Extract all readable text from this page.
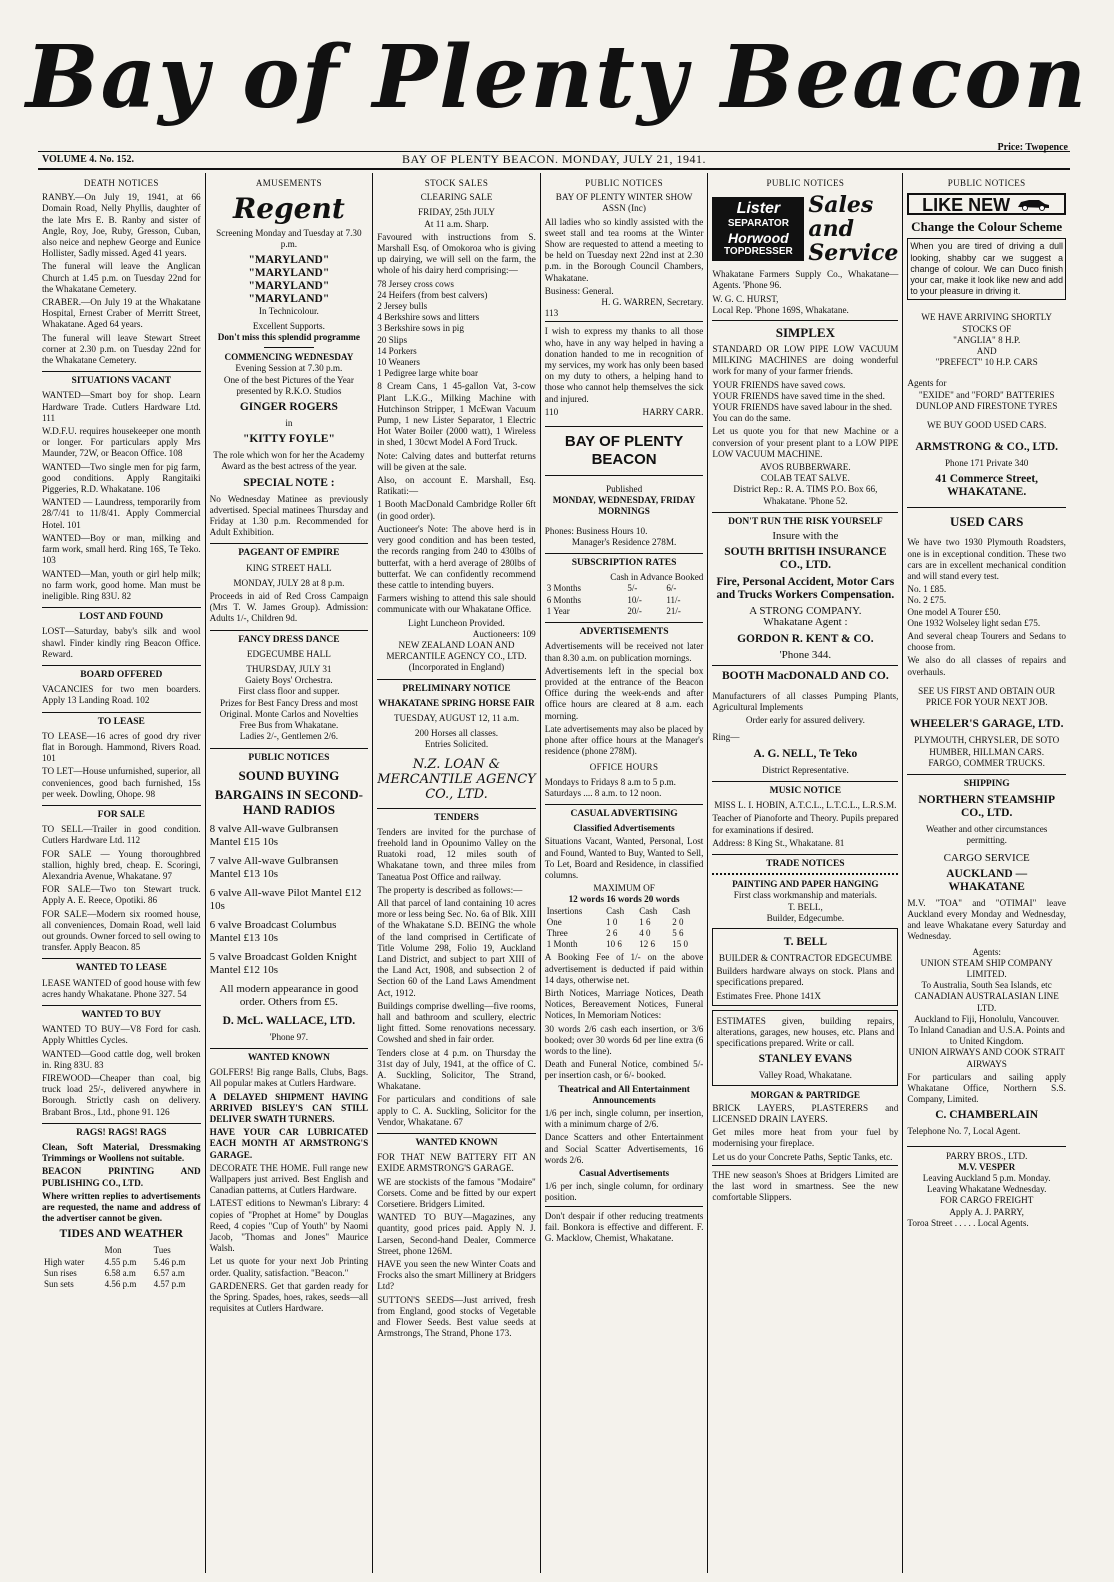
Bay of Plenty Beacon
Price: Twopence
VOLUME 4. No. 152.	BAY OF PLENTY BEACON. MONDAY, JULY 21, 1941.
DEATH NOTICES

RANBY.—On July 19, 1941, at 66 Domain Road, Nelly Phyllis, daughter of the late Mrs E. B. Ranby and sister of Angle, Roy, Joe, Ruby, Gresson, Cuban, also neice and nephew George and Eunice Hollister, Sadly missed. Aged 41 years.

The funeral will leave the Anglican Church at 1.45 p.m. on Tuesday 22nd for the Whakatane Cemetery.

CRABER.—On July 19 at the Whakatane Hospital, Ernest Craber of Merritt Street, Whakatane. Aged 64 years.

The funeral will leave Stewart Street corner at 2.30 p.m. on Tuesday 22nd for the Whakatane Cemetery.

SITUATIONS VACANT

WANTED—Smart boy for shop. Learn Hardware Trade. Cutlers Hardware Ltd. 111

W.D.F.U. requires housekeeper one month or longer. For particulars apply Mrs Maunder, 72W, or Beacon Office. 108

WANTED—Two single men for pig farm, good conditions. Apply Rangitaiki Piggeries, R.D. Whakatane. 106

WANTED — Laundress, temporarily from 28/7/41 to 11/8/41. Apply Commercial Hotel. 101

WANTED—Boy or man, milking and farm work, small herd. Ring 16S, Te Teko. 103

WANTED—Man, youth or girl help milk; no farm work, good home. Man must be ineligible. Ring 83U. 82

LOST AND FOUND

LOST—Saturday, baby's silk and wool shawl. Finder kindly ring Beacon Office. Reward.

BOARD OFFERED

VACANCIES for two men boarders. Apply 13 Landing Road. 102

TO LEASE

TO LEASE—16 acres of good dry river flat in Borough. Hammond, Rivers Road. 101

TO LET—House unfurnished, superior, all conveniences, good bach furnished, 15s per week. Dowling, Ohope. 98

FOR SALE

TO SELL—Trailer in good condition. Cutlers Hardware Ltd. 112

FOR SALE — Young thoroughbred stallion, highly bred, cheap. E. Scoringi, Alexandria Avenue, Whakatane. 97

FOR SALE—Two ton Stewart truck. Apply A. E. Reece, Opotiki. 86

FOR SALE—Modern six roomed house, all conveniences, Domain Road, well laid out grounds. Owner forced to sell owing to transfer. Apply Beacon. 85

WANTED TO LEASE

LEASE WANTED of good house with few acres handy Whakatane. Phone 327. 54

WANTED TO BUY

WANTED TO BUY—V8 Ford for cash. Apply Whittles Cycles.

WANTED—Good cattle dog, well broken in. Ring 83U. 83

FIREWOOD—Cheaper than coal, big truck load 25/-, delivered anywhere in Borough. Strictly cash on delivery. Brabant Bros., Ltd., phone 91. 126

RAGS! RAGS! RAGS

Clean, Soft Material, Dressmaking Trimmings or Woollens not suitable.

BEACON PRINTING AND PUBLISHING CO., LTD.

Where written replies to advertisements are requested, the name and address of the advertiser cannot be given.

TIDES AND WEATHER
	Mon	Tues
High water	4.55 p.m	5.46 p.m
Sun rises	6.58 a.m	6.57 a.m
Sun sets	4.56 p.m	4.57 p.m
AMUSEMENTS
Regent
Screening Monday and Tuesday at 7.30 p.m.
"MARYLAND"
"MARYLAND"
"MARYLAND"
"MARYLAND"
In Technicolour.
Excellent Supports.
Don't miss this splendid programme
COMMENCING WEDNESDAY
Evening Session at 7.30 p.m.
One of the best Pictures of the Year presented by R.K.O. Studios
GINGER ROGERS
in
"KITTY FOYLE"
The role which won for her the Academy Award as the best actress of the year.
SPECIAL NOTE :

No Wednesday Matinee as previously advertised. Special matinees Thursday and Friday at 1.30 p.m. Recommended for Adult Exhibition.

PAGEANT OF EMPIRE
KING STREET HALL
MONDAY, JULY 28 at 8 p.m.

Proceeds in aid of Red Cross Campaign (Mrs T. W. James Group). Admission: Adults 1/-, Children 9d.

FANCY DRESS DANCE
EDGECUMBE HALL
THURSDAY, JULY 31
Gaiety Boys' Orchestra.
First class floor and supper.
Prizes for Best Fancy Dress and most Original. Monte Carlos and Novelties
Free Bus from Whakatane.
Ladies 2/-, Gentlemen 2/6.
PUBLIC NOTICES
SOUND BUYING
BARGAINS IN SECOND-HAND RADIOS
8 valve All-wave Gulbransen Mantel £15 10s
7 valve All-wave Gulbransen Mantel £13 10s
6 valve All-wave Pilot Mantel £12 10s
6 valve Broadcast Columbus Mantel £13 10s
5 valve Broadcast Golden Knight Mantel £12 10s
All modern appearance in good order. Others from £5.
D. McL. WALLACE, LTD.
'Phone 97.
WANTED KNOWN

GOLFERS! Big range Balls, Clubs, Bags. All popular makes at Cutlers Hardware.

A DELAYED SHIPMENT HAVING ARRIVED BISLEY'S CAN STILL DELIVER SWATH TURNERS.

HAVE YOUR CAR LUBRICATED EACH MONTH AT ARMSTRONG'S GARAGE.

DECORATE THE HOME. Full range new Wallpapers just arrived. Best English and Canadian patterns, at Cutlers Hardware.

LATEST editions to Newman's Library: 4 copies of "Prophet at Home" by Douglas Reed, 4 copies "Cup of Youth" by Naomi Jacob, "Thomas and Jones" Maurice Walsh.

Let us quote for your next Job Printing order. Quality, satisfaction. "Beacon."

GARDENERS. Get that garden ready for the Spring. Spades, hoes, rakes, seeds—all requisites at Cutlers Hardware.

STOCK SALES
CLEARING SALE
FRIDAY, 25th JULY
At 11 a.m. Sharp.

Favoured with instructions from S. Marshall Esq. of Omokoroa who is giving up dairying, we will sell on the farm, the whole of his dairy herd comprising:—

78 Jersey cross cows
24 Heifers (from best calvers)
2 Jersey bulls
4 Berkshire sows and litters
3 Berkshire sows in pig
20 Slips
14 Porkers
10 Weaners
1 Pedigree large white boar

8 Cream Cans, 1 45-gallon Vat, 3-cow Plant L.K.G., Milking Machine with Hutchinson Stripper, 1 McEwan Vacuum Pump, 1 new Lister Separator, 1 Electric Hot Water Boiler (2000 watt), 1 Wireless in shed, 1 30cwt Model A Ford Truck.

Note: Calving dates and butterfat returns will be given at the sale.

Also, on account E. Marshall, Esq. Ratikati:—

1 Booth MacDonald Cambridge Roller 6ft (in good order).

Auctioneer's Note: The above herd is in very good condition and has been tested, the records ranging from 240 to 430lbs of butterfat, with a herd average of 280lbs of butterfat. We can confidently recommend these cattle to intending buyers.

Farmers wishing to attend this sale should communicate with our Whakatane Office.

Light Luncheon Provided.
Auctioneers: 109
NEW ZEALAND LOAN AND MERCANTILE AGENCY CO., LTD. (Incorporated in England)
PRELIMINARY NOTICE
WHAKATANE SPRING HORSE FAIR
TUESDAY, AUGUST 12, 11 a.m.
200 Horses all classes.
Entries Solicited.
N.Z. LOAN & MERCANTILE AGENCY CO., LTD.
TENDERS

Tenders are invited for the purchase of freehold land in Opounimo Valley on the Ruatoki road, 12 miles south of Whakatane town, and three miles from Taneatua Post Office and railway.

The property is described as follows:—

All that parcel of land containing 10 acres more or less being Sec. No. 6a of Blk. XIII of the Whakatane S.D. BEING the whole of the land comprised in Certificate of Title Volume 298, Folio 19, Auckland Land District, and subject to part XIII of the Land Act, 1908, and subsection 2 of Section 60 of the Land Laws Amendment Act, 1912.

Buildings comprise dwelling—five rooms, hall and bathroom and scullery, electric light fitted. Some renovations necessary. Cowshed and shed in fair order.

Tenders close at 4 p.m. on Thursday the 31st day of July, 1941, at the office of C. A. Suckling, Solicitor, The Strand, Whakatane.

For particulars and conditions of sale apply to C. A. Suckling, Solicitor for the Vendor, Whakatane. 67

WANTED KNOWN

FOR THAT NEW BATTERY FIT AN EXIDE ARMSTRONG'S GARAGE.

WE are stockists of the famous "Modaire" Corsets. Come and be fitted by our expert Corsetiere. Bridgers Limited.

WANTED TO BUY—Magazines, any quantity, good prices paid. Apply N. J. Larsen, Second-hand Dealer, Commerce Street, phone 126M.

HAVE you seen the new Winter Coats and Frocks also the smart Millinery at Bridgers Ltd?

SUTTON'S SEEDS—Just arrived, fresh from England, good stocks of Vegetable and Flower Seeds. Best value seeds at Armstrongs, The Strand, Phone 173.

PUBLIC NOTICES
BAY OF PLENTY WINTER SHOW ASSN (Inc)

All ladies who so kindly assisted with the sweet stall and tea rooms at the Winter Show are requested to attend a meeting to be held on Tuesday next 22nd inst at 2.30 p.m. in the Borough Council Chambers, Whakatane.

Business: General.
H. G. WARREN, Secretary.
113

I wish to express my thanks to all those who, have in any way helped in having a donation handed to me in recognition of my services, my work has only been based on my duty to others, a helping hand to those who cannot help themselves the sick and injured.

110	HARRY CARR.
BAY OF PLENTY BEACON
Published
MONDAY, WEDNESDAY, FRIDAY MORNINGS
Phones: Business Hours 10.
Manager's Residence 278M.
SUBSCRIPTION RATES
Cash in Advance Booked
3 Months	5/-	6/-
6 Months	10/-	11/-
1 Year	20/-	21/-
ADVERTISEMENTS

Advertisements will be received not later than 8.30 a.m. on publication mornings.

Advertisements left in the special box provided at the entrance of the Beacon Office during the week-ends and after office hours are cleared at 8 a.m. each morning.

Late advertisements may also be placed by phone after office hours at the Manager's residence (phone 278M).

OFFICE HOURS
Mondays to Fridays 8 a.m to 5 p.m.
Saturdays .... 8 a.m. to 12 noon.
CASUAL ADVERTISING
Classified Advertisements

Situations Vacant, Wanted, Personal, Lost and Found, Wanted to Buy, Wanted to Sell, To Let, Board and Residence, in classified columns.

MAXIMUM OF
12 words 16 words 20 words
Insertions	Cash	Cash	Cash
One	1 0	1 6	2 0
Three	2 6	4 0	5 6
1 Month	10 6	12 6	15 0

A Booking Fee of 1/- on the above advertisement is deducted if paid within 14 days, otherwise net.

Birth Notices, Marriage Notices, Death Notices, Bereavement Notices, Funeral Notices, In Memoriam Notices:

30 words 2/6 cash each insertion, or 3/6 booked; over 30 words 6d per line extra (6 words to the line).

Death and Funeral Notice, combined 5/- per insertion cash, or 6/- booked.

Theatrical and All Entertainment Announcements

1/6 per inch, single column, per insertion, with a minimum charge of 2/6.

Dance Scatters and other Entertainment and Social Scatter Advertisements, 16 words 2/6.

Casual Advertisements

1/6 per inch, single column, for ordinary position.

Don't despair if other reducing treatments fail. Bonkora is effective and different. F. G. Macklow, Chemist, Whakatane.

PUBLIC NOTICES
Lister
SEPARATOR
Horwood
TOPDRESSER
Sales and Service

Whakatane Farmers Supply Co., Whakatane—Agents. 'Phone 96.

W. G. C. HURST,
Local Rep. 'Phone 169S, Whakatane.
SIMPLEX

STANDARD OR LOW PIPE LOW VACUUM MILKING MACHINES are doing wonderful work for many of your farmer friends.

YOUR FRIENDS have saved cows.
YOUR FRIENDS have saved time in the shed.
YOUR FRIENDS have saved labour in the shed.
You can do the same.

Let us quote you for that new Machine or a conversion of your present plant to a LOW PIPE LOW VACUUM MACHINE.

AVOS RUBBERWARE.
COLAB TEAT SALVE.
District Rep.: R. A. TIMS P.O. Box 66, Whakatane. 'Phone 52.
DON'T RUN THE RISK YOURSELF
Insure with the
SOUTH BRITISH INSURANCE CO., LTD.
Fire, Personal Accident, Motor Cars and Trucks Workers Compensation.
A STRONG COMPANY.
Whakatane Agent :
GORDON R. KENT & CO.
'Phone 344.
BOOTH MacDONALD AND CO.

Manufacturers of all classes Pumping Plants, Agricultural Implements

Order early for assured delivery.
Ring—
A. G. NELL, Te Teko
District Representative.
MUSIC NOTICE
MISS L. I. HOBIN, A.T.C.L., L.T.C.L., L.R.S.M.

Teacher of Pianoforte and Theory. Pupils prepared for examinations if desired.

Address: 8 King St., Whakatane. 81
TRADE NOTICES
PAINTING AND PAPER HANGING
First class workmanship and materials.
T. BELL,
Builder, Edgecumbe.
T. BELL
BUILDER & CONTRACTOR EDGECUMBE

Builders hardware always on stock. Plans and specifications prepared.

Estimates Free. Phone 141X

ESTIMATES given, building repairs, alterations, garages, new houses, etc. Plans and specifications prepared. Write or call.

STANLEY EVANS
Valley Road, Whakatane.
MORGAN & PARTRIDGE

BRICK LAYERS, PLASTERERS and LICENSED DRAIN LAYERS.

Get miles more heat from your fuel by modernising your fireplace.

Let us do your Concrete Paths, Septic Tanks, etc.

THE new season's Shoes at Bridgers Limited are the last word in smartness. See the new comfortable Slippers.

PUBLIC NOTICES
LIKE NEW
Change the Colour Scheme

When you are tired of driving a dull looking, shabby car we suggest a change of colour. We can Duco finish your car, make it look like new and add to your pleasure in driving it.

WE HAVE ARRIVING SHORTLY STOCKS OF
"ANGLIA" 8 H.P.
AND
"PREFECT" 10 H.P. CARS
Agents for
"EXIDE" and "FORD" BATTERIES
DUNLOP AND FIRESTONE TYRES
WE BUY GOOD USED CARS.
ARMSTRONG & CO., LTD.
Phone 171 Private 340
41 Commerce Street, WHAKATANE.
USED CARS

We have two 1930 Plymouth Roadsters, one is in exceptional condition. These two cars are in excellent mechanical condition and will stand every test.

No. 1 £85.
No. 2 £75.
One model A Tourer £50.
One 1932 Wolseley light sedan £75.

And several cheap Tourers and Sedans to choose from.

We also do all classes of repairs and overhauls.

SEE US FIRST AND OBTAIN OUR PRICE FOR YOUR NEXT JOB.
WHEELER'S GARAGE, LTD.
PLYMOUTH, CHRYSLER, DE SOTO HUMBER, HILLMAN CARS.
FARGO, COMMER TRUCKS.
SHIPPING
NORTHERN STEAMSHIP CO., LTD.
Weather and other circumstances permitting.
CARGO SERVICE
AUCKLAND — WHAKATANE

M.V. "TOA" and "OTIMAI" leave Auckland every Monday and Wednesday, and leave Whakatane every Saturday and Wednesday.

Agents:
UNION STEAM SHIP COMPANY LIMITED.
To Australia, South Sea Islands, etc
CANADIAN AUSTRALASIAN LINE LTD.
Auckland to Fiji, Honolulu, Vancouver.
To Inland Canadian and U.S.A. Points and to United Kingdom.
UNION AIRWAYS AND COOK STRAIT AIRWAYS

For particulars and sailing apply Whakatane Office, Northern S.S. Company, Limited.

C. CHAMBERLAIN
Telephone No. 7, Local Agent.
PARRY BROS., LTD.
M.V. VESPER
Leaving Auckland 5 p.m. Monday. Leaving Whakatane Wednesday.
FOR CARGO FREIGHT
Apply A. J. PARRY,
Toroa Street . . . . . Local Agents.
